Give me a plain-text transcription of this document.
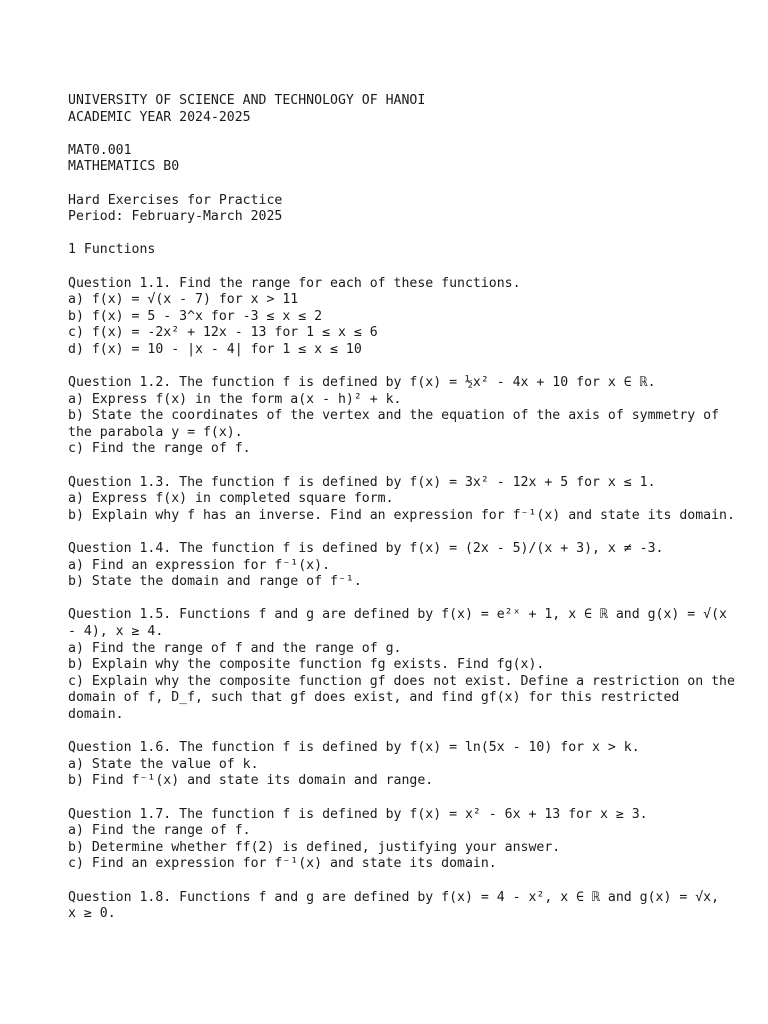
UNIVERSITY OF SCIENCE AND TECHNOLOGY OF HANOI
ACADEMIC YEAR 2024-2025
MAT0.001
MATHEMATICS B0
Hard Exercises for Practice
Period: February-March 2025
1 Functions
Question 1.1. Find the range for each of these functions.
a) f(x) = √(x - 7) for x > 11
b) f(x) = 5 - 3^x for -3 ≤ x ≤ 2
c) f(x) = -2x² + 12x - 13 for 1 ≤ x ≤ 6
d) f(x) = 10 - |x - 4| for 1 ≤ x ≤ 10
Question 1.2. The function f is defined by f(x) = ½x² - 4x + 10 for x ∈ ℝ.
a) Express f(x) in the form a(x - h)² + k.
b) State the coordinates of the vertex and the equation of the axis of symmetry of
the parabola y = f(x).
c) Find the range of f.
Question 1.3. The function f is defined by f(x) = 3x² - 12x + 5 for x ≤ 1.
a) Express f(x) in completed square form.
b) Explain why f has an inverse. Find an expression for f⁻¹(x) and state its domain.
Question 1.4. The function f is defined by f(x) = (2x - 5)/(x + 3), x ≠ -3.
a) Find an expression for f⁻¹(x).
b) State the domain and range of f⁻¹.
Question 1.5. Functions f and g are defined by f(x) = e²ˣ + 1, x ∈ ℝ and g(x) = √(x
- 4), x ≥ 4.
a) Find the range of f and the range of g.
b) Explain why the composite function fg exists. Find fg(x).
c) Explain why the composite function gf does not exist. Define a restriction on the
domain of f, D_f, such that gf does exist, and find gf(x) for this restricted
domain.
Question 1.6. The function f is defined by f(x) = ln(5x - 10) for x > k.
a) State the value of k.
b) Find f⁻¹(x) and state its domain and range.
Question 1.7. The function f is defined by f(x) = x² - 6x + 13 for x ≥ 3.
a) Find the range of f.
b) Determine whether ff(2) is defined, justifying your answer.
c) Find an expression for f⁻¹(x) and state its domain.
Question 1.8. Functions f and g are defined by f(x) = 4 - x², x ∈ ℝ and g(x) = √x,
x ≥ 0.
